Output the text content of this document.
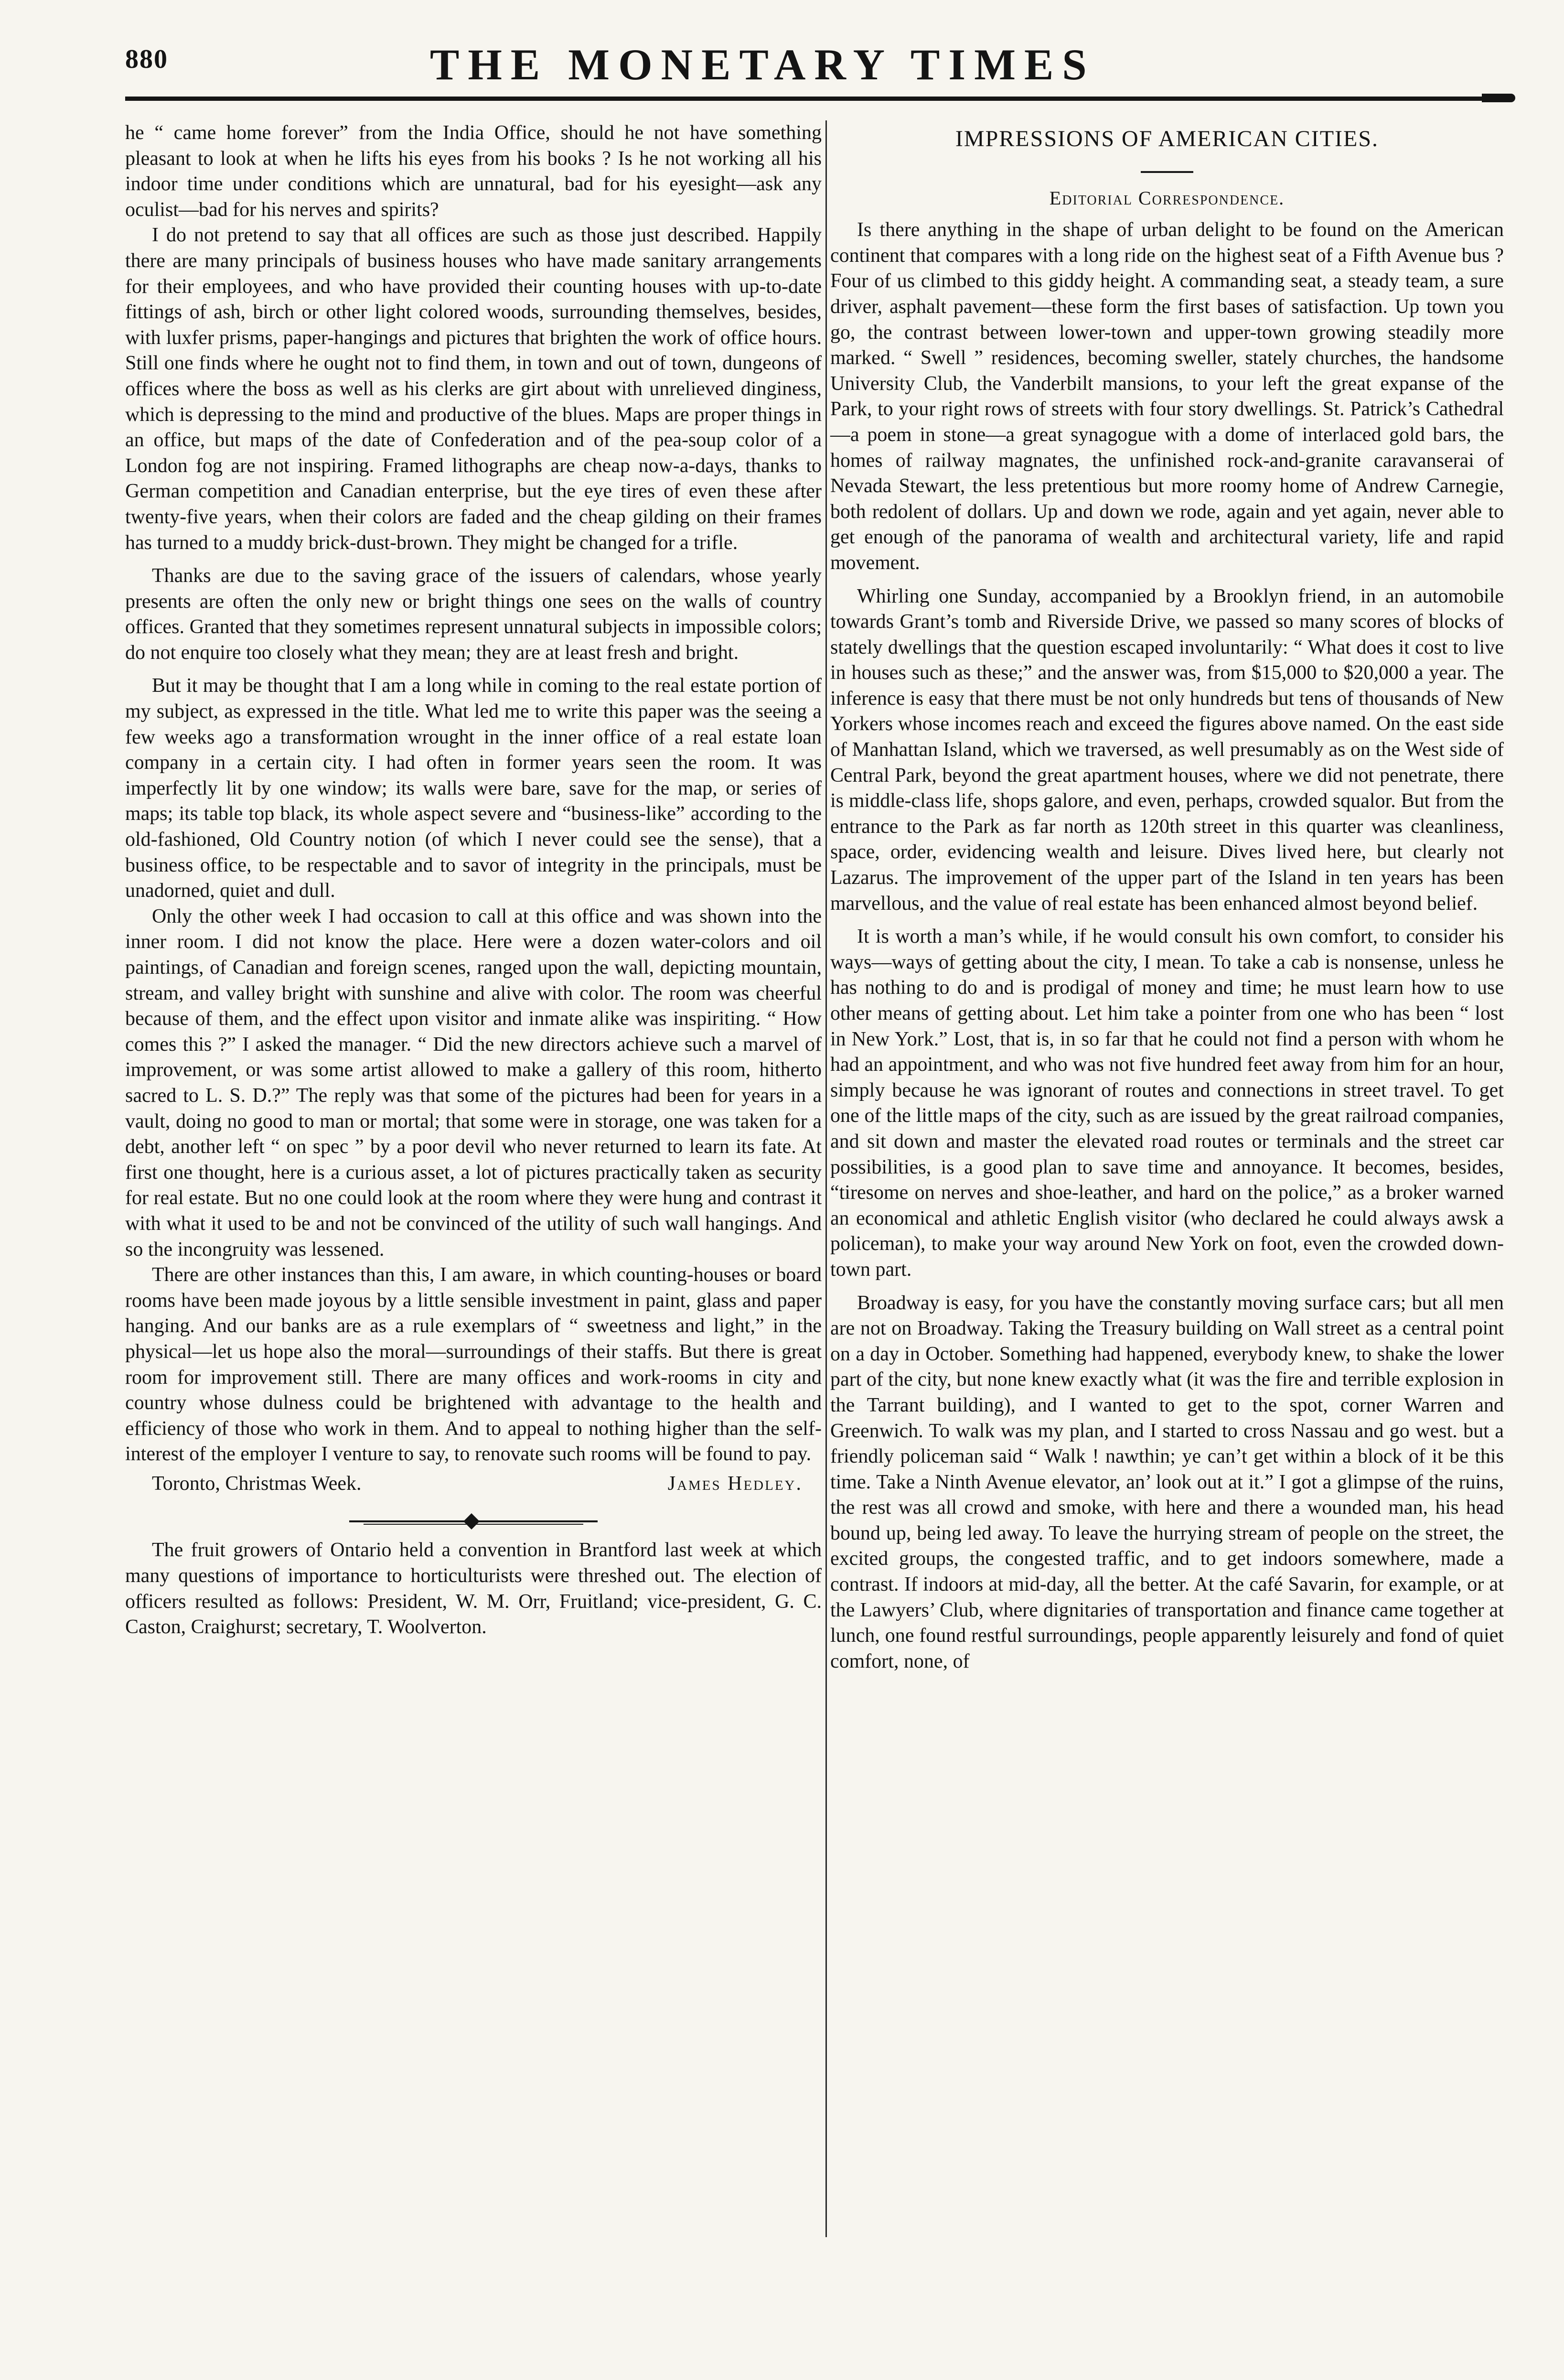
880	THE MONETARY TIMES

he “ came home forever” from the India Office, should he not have something pleasant to look at when he lifts his eyes from his books ? Is he not working all his indoor time under conditions which are unnatural, bad for his eyesight—ask any oculist—bad for his nerves and spirits?

I do not pretend to say that all offices are such as those just described. Happily there are many principals of business houses who have made sanitary arrangements for their employees, and who have provided their counting houses with up-to-date fittings of ash, birch or other light colored woods, surrounding themselves, besides, with luxfer prisms, paper-hangings and pictures that brighten the work of office hours. Still one finds where he ought not to find them, in town and out of town, dungeons of offices where the boss as well as his clerks are girt about with unrelieved dinginess, which is depressing to the mind and productive of the blues. Maps are proper things in an office, but maps of the date of Confederation and of the pea-soup color of a London fog are not inspiring. Framed lithographs are cheap now-a-days, thanks to German competition and Canadian enterprise, but the eye tires of even these after twenty-five years, when their colors are faded and the cheap gilding on their frames has turned to a muddy brick-dust-brown. They might be changed for a trifle.

Thanks are due to the saving grace of the issuers of calendars, whose yearly presents are often the only new or bright things one sees on the walls of country offices. Granted that they sometimes represent unnatural subjects in impossible colors; do not enquire too closely what they mean; they are at least fresh and bright.

But it may be thought that I am a long while in coming to the real estate portion of my subject, as expressed in the title. What led me to write this paper was the seeing a few weeks ago a transformation wrought in the inner office of a real estate loan company in a certain city. I had often in former years seen the room. It was imperfectly lit by one window; its walls were bare, save for the map, or series of maps; its table top black, its whole aspect severe and “business-like” according to the old-fashioned, Old Country notion (of which I never could see the sense), that a business office, to be respectable and to savor of integrity in the principals, must be unadorned, quiet and dull.

Only the other week I had occasion to call at this office and was shown into the inner room. I did not know the place. Here were a dozen water-colors and oil paintings, of Canadian and foreign scenes, ranged upon the wall, depicting mountain, stream, and valley bright with sunshine and alive with color. The room was cheerful because of them, and the effect upon visitor and inmate alike was inspiriting. “ How comes this ?” I asked the manager. “ Did the new directors achieve such a marvel of improvement, or was some artist allowed to make a gallery of this room, hitherto sacred to L. S. D.?” The reply was that some of the pictures had been for years in a vault, doing no good to man or mortal; that some were in storage, one was taken for a debt, another left “ on spec ” by a poor devil who never returned to learn its fate. At first one thought, here is a curious asset, a lot of pictures practically taken as security for real estate. But no one could look at the room where they were hung and contrast it with what it used to be and not be convinced of the utility of such wall hangings. And so the incongruity was lessened.

There are other instances than this, I am aware, in which counting-houses or board rooms have been made joyous by a little sensible investment in paint, glass and paper hanging. And our banks are as a rule exemplars of “ sweetness and light,” in the physical—let us hope also the moral—surroundings of their staffs. But there is great room for improvement still. There are many offices and work-rooms in city and country whose dulness could be brightened with advantage to the health and efficiency of those who work in them. And to appeal to nothing higher than the self-interest of the employer I venture to say, to renovate such rooms will be found to pay.

Toronto, Christmas Week.	James Hedley.

The fruit growers of Ontario held a convention in Brantford last week at which many questions of importance to horticulturists were threshed out. The election of officers resulted as follows: President, W. M. Orr, Fruitland; vice-president, G. C. Caston, Craighurst; secretary, T. Woolverton.

IMPRESSIONS OF AMERICAN CITIES.
Editorial Correspondence.

Is there anything in the shape of urban delight to be found on the American continent that compares with a long ride on the highest seat of a Fifth Avenue bus ? Four of us climbed to this giddy height. A commanding seat, a steady team, a sure driver, asphalt pavement—these form the first bases of satisfaction. Up town you go, the contrast between lower-town and upper-town growing steadily more marked. “ Swell ” residences, becoming sweller, stately churches, the handsome University Club, the Vanderbilt mansions, to your left the great expanse of the Park, to your right rows of streets with four story dwellings. St. Patrick’s Cathedral—a poem in stone—a great synagogue with a dome of interlaced gold bars, the homes of railway magnates, the unfinished rock-and-granite caravanserai of Nevada Stewart, the less pretentious but more roomy home of Andrew Carnegie, both redolent of dollars. Up and down we rode, again and yet again, never able to get enough of the panorama of wealth and architectural variety, life and rapid movement.

Whirling one Sunday, accompanied by a Brooklyn friend, in an automobile towards Grant’s tomb and Riverside Drive, we passed so many scores of blocks of stately dwellings that the question escaped involuntarily: “ What does it cost to live in houses such as these;” and the answer was, from $15,000 to $20,000 a year. The inference is easy that there must be not only hundreds but tens of thousands of New Yorkers whose incomes reach and exceed the figures above named. On the east side of Manhattan Island, which we traversed, as well presumably as on the West side of Central Park, beyond the great apartment houses, where we did not penetrate, there is middle-class life, shops galore, and even, perhaps, crowded squalor. But from the entrance to the Park as far north as 120th street in this quarter was cleanliness, space, order, evidencing wealth and leisure. Dives lived here, but clearly not Lazarus. The improvement of the upper part of the Island in ten years has been marvellous, and the value of real estate has been enhanced almost beyond belief.

It is worth a man’s while, if he would consult his own comfort, to consider his ways—ways of getting about the city, I mean. To take a cab is nonsense, unless he has nothing to do and is prodigal of money and time; he must learn how to use other means of getting about. Let him take a pointer from one who has been “ lost in New York.” Lost, that is, in so far that he could not find a person with whom he had an appointment, and who was not five hundred feet away from him for an hour, simply because he was ignorant of routes and connections in street travel. To get one of the little maps of the city, such as are issued by the great railroad companies, and sit down and master the elevated road routes or terminals and the street car possibilities, is a good plan to save time and annoyance. It becomes, besides, “tiresome on nerves and shoe-leather, and hard on the police,” as a broker warned an economical and athletic English visitor (who declared he could always awsk a policeman), to make your way around New York on foot, even the crowded down-town part.

Broadway is easy, for you have the constantly moving surface cars; but all men are not on Broadway. Taking the Treasury building on Wall street as a central point on a day in October. Something had happened, everybody knew, to shake the lower part of the city, but none knew exactly what (it was the fire and terrible explosion in the Tarrant building), and I wanted to get to the spot, corner Warren and Greenwich. To walk was my plan, and I started to cross Nassau and go west. but a friendly policeman said “ Walk ! nawthin; ye can’t get within a block of it be this time. Take a Ninth Avenue elevator, an’ look out at it.” I got a glimpse of the ruins, the rest was all crowd and smoke, with here and there a wounded man, his head bound up, being led away. To leave the hurrying stream of people on the street, the excited groups, the congested traffic, and to get indoors somewhere, made a contrast. If indoors at mid-day, all the better. At the café Savarin, for example, or at the Lawyers’ Club, where dignitaries of transportation and finance came together at lunch, one found restful surroundings, people apparently leisurely and fond of quiet comfort, none, of
